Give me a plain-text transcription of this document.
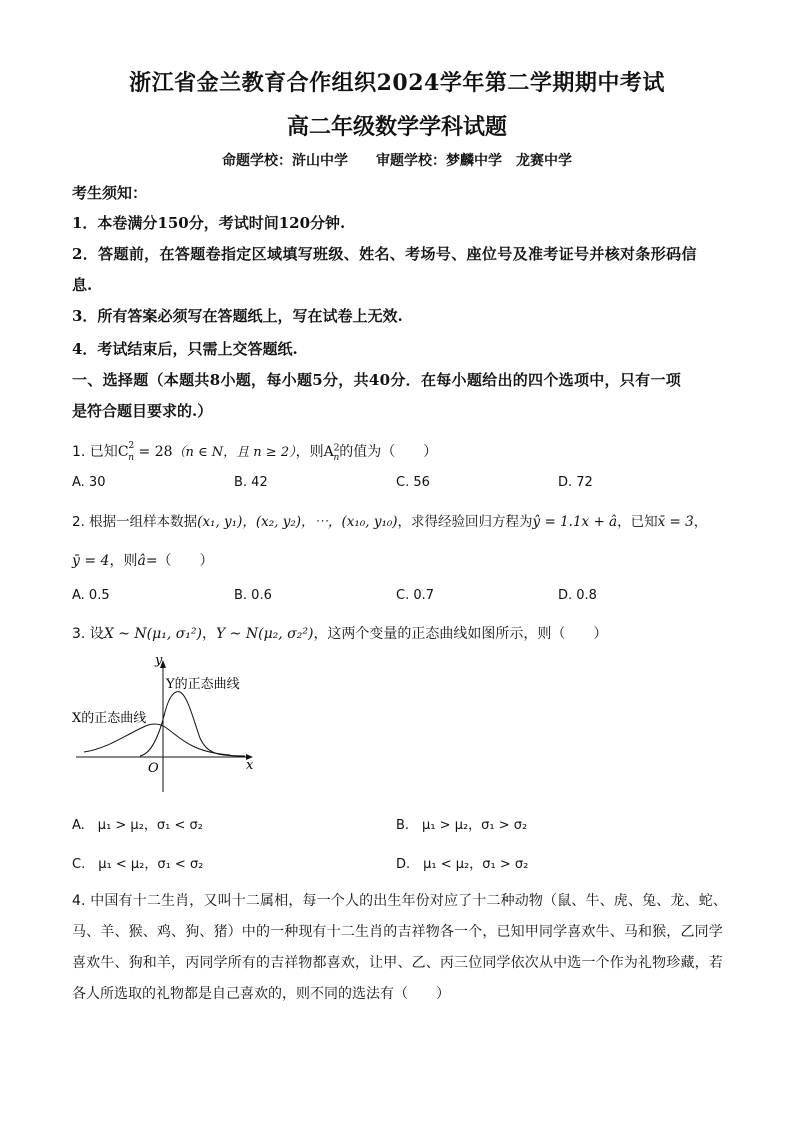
浙江省金兰教育合作组织2024学年第二学期期中考试
高二年级数学学科试题
命题学校：浒山中学　　审题学校：梦麟中学　龙赛中学
考生须知：
1．本卷满分150分，考试时间120分钟.
2．答题前，在答题卷指定区域填写班级、姓名、考场号、座位号及准考证号并核对条形码信
息.
3．所有答案必须写在答题纸上，写在试卷上无效.
4．考试结束后，只需上交答题纸.
一、选择题（本题共8小题，每小题5分，共40分．在每小题给出的四个选项中，只有一项
是符合题目要求的.）
1. 已知$C^2_n = 28(n$ ∈ N，且 n ≥ 2），则$A^2_n$的值为（　　）
A. 30	B. 42	C. 56	D. 72
2. 根据一组样本数据(x₁, y₁)，(x₂, y₂)，⋯，(x₁₀, y₁₀)，求得经验回归方程为ŷ = 1.1x + â，已知x̄ = 3，
ȳ = 4，则â=（　　）
A. 0.5	B. 0.6	C. 0.7	D. 0.8
3. 设X ~ N(μ₁, σ₁²)，Y ~ N(μ₂, σ₂²)，这两个变量的正态曲线如图所示，则（　　）
y
x
O
Y的正态曲线
X的正态曲线
A.　μ₁ > μ₂，σ₁ < σ₂	B.　μ₁ > μ₂，σ₁ > σ₂
C.　μ₁ < μ₂，σ₁ < σ₂	D.　μ₁ < μ₂，σ₁ > σ₂
4. 中国有十二生肖，又叫十二属相，每一个人的出生年份对应了十二种动物（鼠、牛、虎、兔、龙、蛇、
马、羊、猴、鸡、狗、猪）中的一种现有十二生肖的吉祥物各一个，已知甲同学喜欢牛、马和猴，乙同学
喜欢牛、狗和羊，丙同学所有的吉祥物都喜欢，让甲、乙、丙三位同学依次从中选一个作为礼物珍藏，若
各人所选取的礼物都是自己喜欢的，则不同的选法有（　　）
